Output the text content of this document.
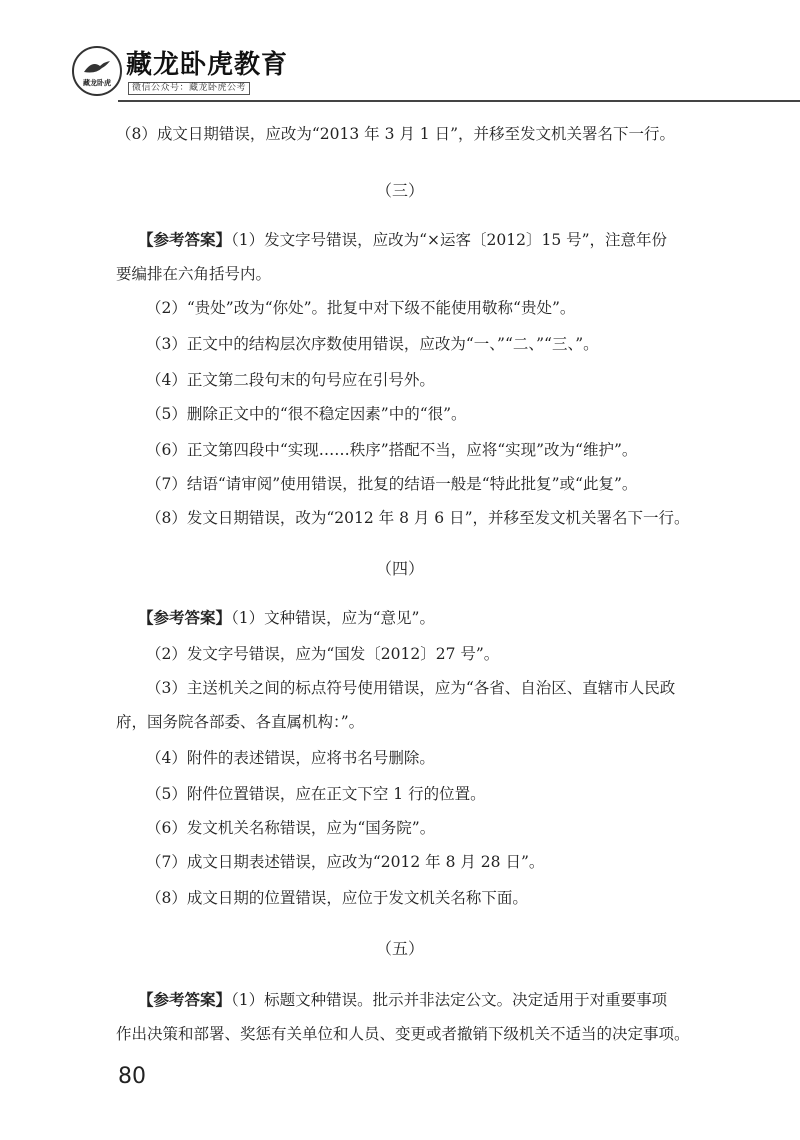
藏龙卧虎
藏龙卧虎教育
微信公众号：藏龙卧虎公考
（8）成文日期错误，应改为“2013 年 3 月 1 日”，并移至发文机关署名下一行。
（三）
【参考答案】（1）发文字号错误，应改为“×运客〔2012〕15 号”，注意年份
要编排在六角括号内。
（2）“贵处”改为“你处”。批复中对下级不能使用敬称“贵处”。
（3）正文中的结构层次序数使用错误，应改为“一、”“二、”“三、”。
（4）正文第二段句末的句号应在引号外。
（5）删除正文中的“很不稳定因素”中的“很”。
（6）正文第四段中“实现……秩序”搭配不当，应将“实现”改为“维护”。
（7）结语“请审阅”使用错误，批复的结语一般是“特此批复”或“此复”。
（8）发文日期错误，改为“2012 年 8 月 6 日”，并移至发文机关署名下一行。
（四）
【参考答案】（1）文种错误，应为“意见”。
（2）发文字号错误，应为“国发〔2012〕27 号”。
（3）主送机关之间的标点符号使用错误，应为“各省、自治区、直辖市人民政
府，国务院各部委、各直属机构：”。
（4）附件的表述错误，应将书名号删除。
（5）附件位置错误，应在正文下空 1 行的位置。
（6）发文机关名称错误，应为“国务院”。
（7）成文日期表述错误，应改为“2012 年 8 月 28 日”。
（8）成文日期的位置错误，应位于发文机关名称下面。
（五）
【参考答案】（1）标题文种错误。批示并非法定公文。决定适用于对重要事项
作出决策和部署、奖惩有关单位和人员、变更或者撤销下级机关不适当的决定事项。
80
